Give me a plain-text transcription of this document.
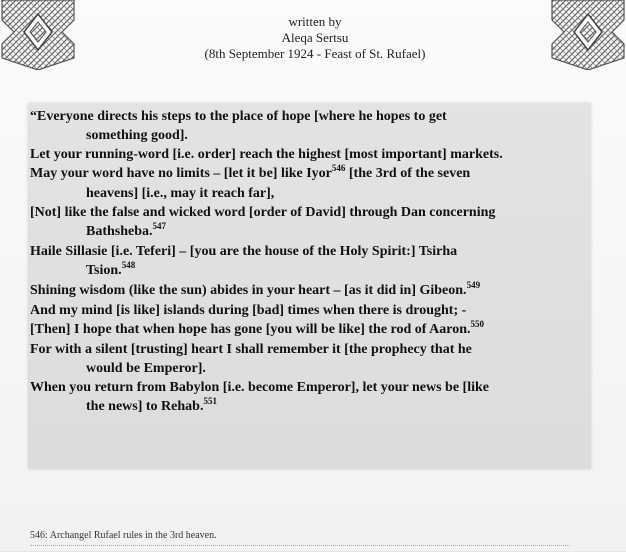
written by
Aleqa Sertsu
(8th September 1924 - Feast of St. Rufael)
“Everyone directs his steps to the place of hope [where he hopes to get
something good].
Let your running-word [i.e. order] reach the highest [most important] markets.
May your word have no limits – [let it be] like Iyor$^{546}$ [the 3rd of the seven
heavens] [i.e., may it reach far],
[Not] like the false and wicked word [order of David] through Dan concerning
Bathsheba.$^{547}$
Haile Sillasie [i.e. Teferi] – [you are the house of the Holy Spirit:] Tsirha
Tsion.$^{548}$
Shining wisdom (like the sun) abides in your heart – [as it did in] Gibeon.$^{549}$
And my mind [is like] islands during [bad] times when there is drought; -
[Then] I hope that when hope has gone [you will be like] the rod of Aaron.$^{550}$
For with a silent [trusting] heart I shall remember it [the prophecy that he
would be Emperor].
When you return from Babylon [i.e. become Emperor], let your news be [like
the news] to Rehab.$^{551}$
546: Archangel Rufael rules in the 3rd heaven.
